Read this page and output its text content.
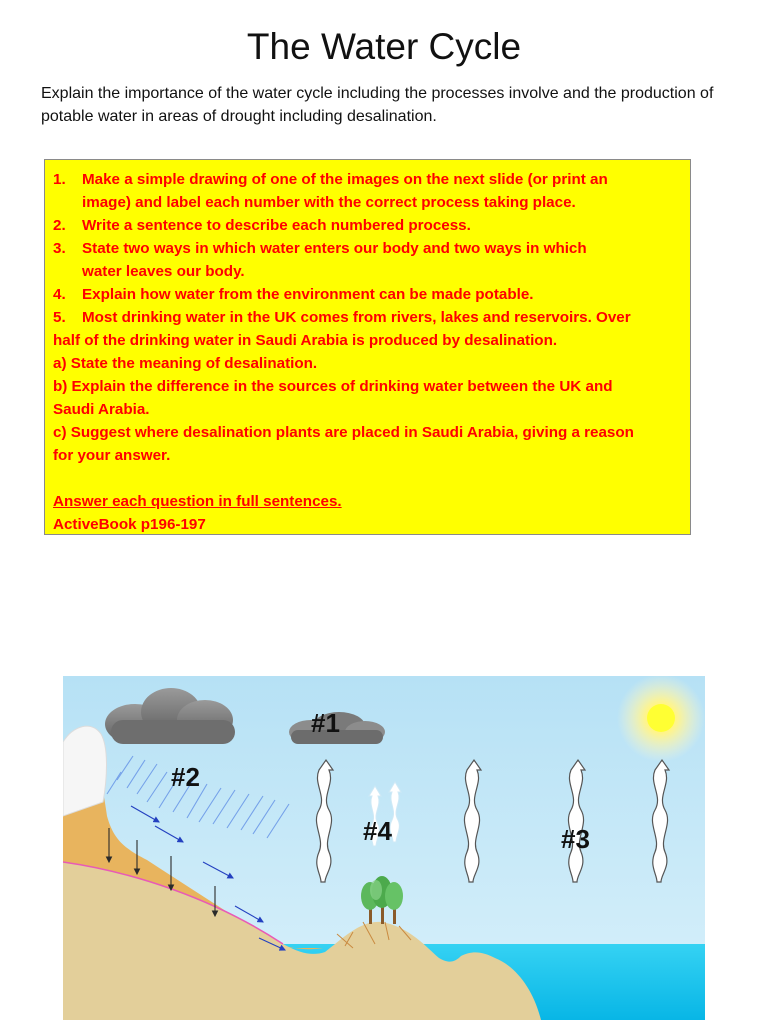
The Water Cycle

Explain the importance of the water cycle including the processes involve and the production of potable water in areas of drought including desalination.

1. Make a simple drawing of one of the images on the next slide (or print an

image) and label each number with the correct process taking place.

2. Write a sentence to describe each numbered process.

3. State two ways in which water enters our body and two ways in which

water leaves our body.

4. Explain how water from the environment can be made potable.

5. Most drinking water in the UK comes from rivers, lakes and reservoirs. Over

half of the drinking water in Saudi Arabia is produced by desalination.

a) State the meaning of desalination.

b) Explain the difference in the sources of drinking water between the UK and

Saudi Arabia.

c) Suggest where desalination plants are placed in Saudi Arabia, giving a reason

for your answer.

Answer each question in full sentences.

ActiveBook p196-197

#1
#2
#3
#4
